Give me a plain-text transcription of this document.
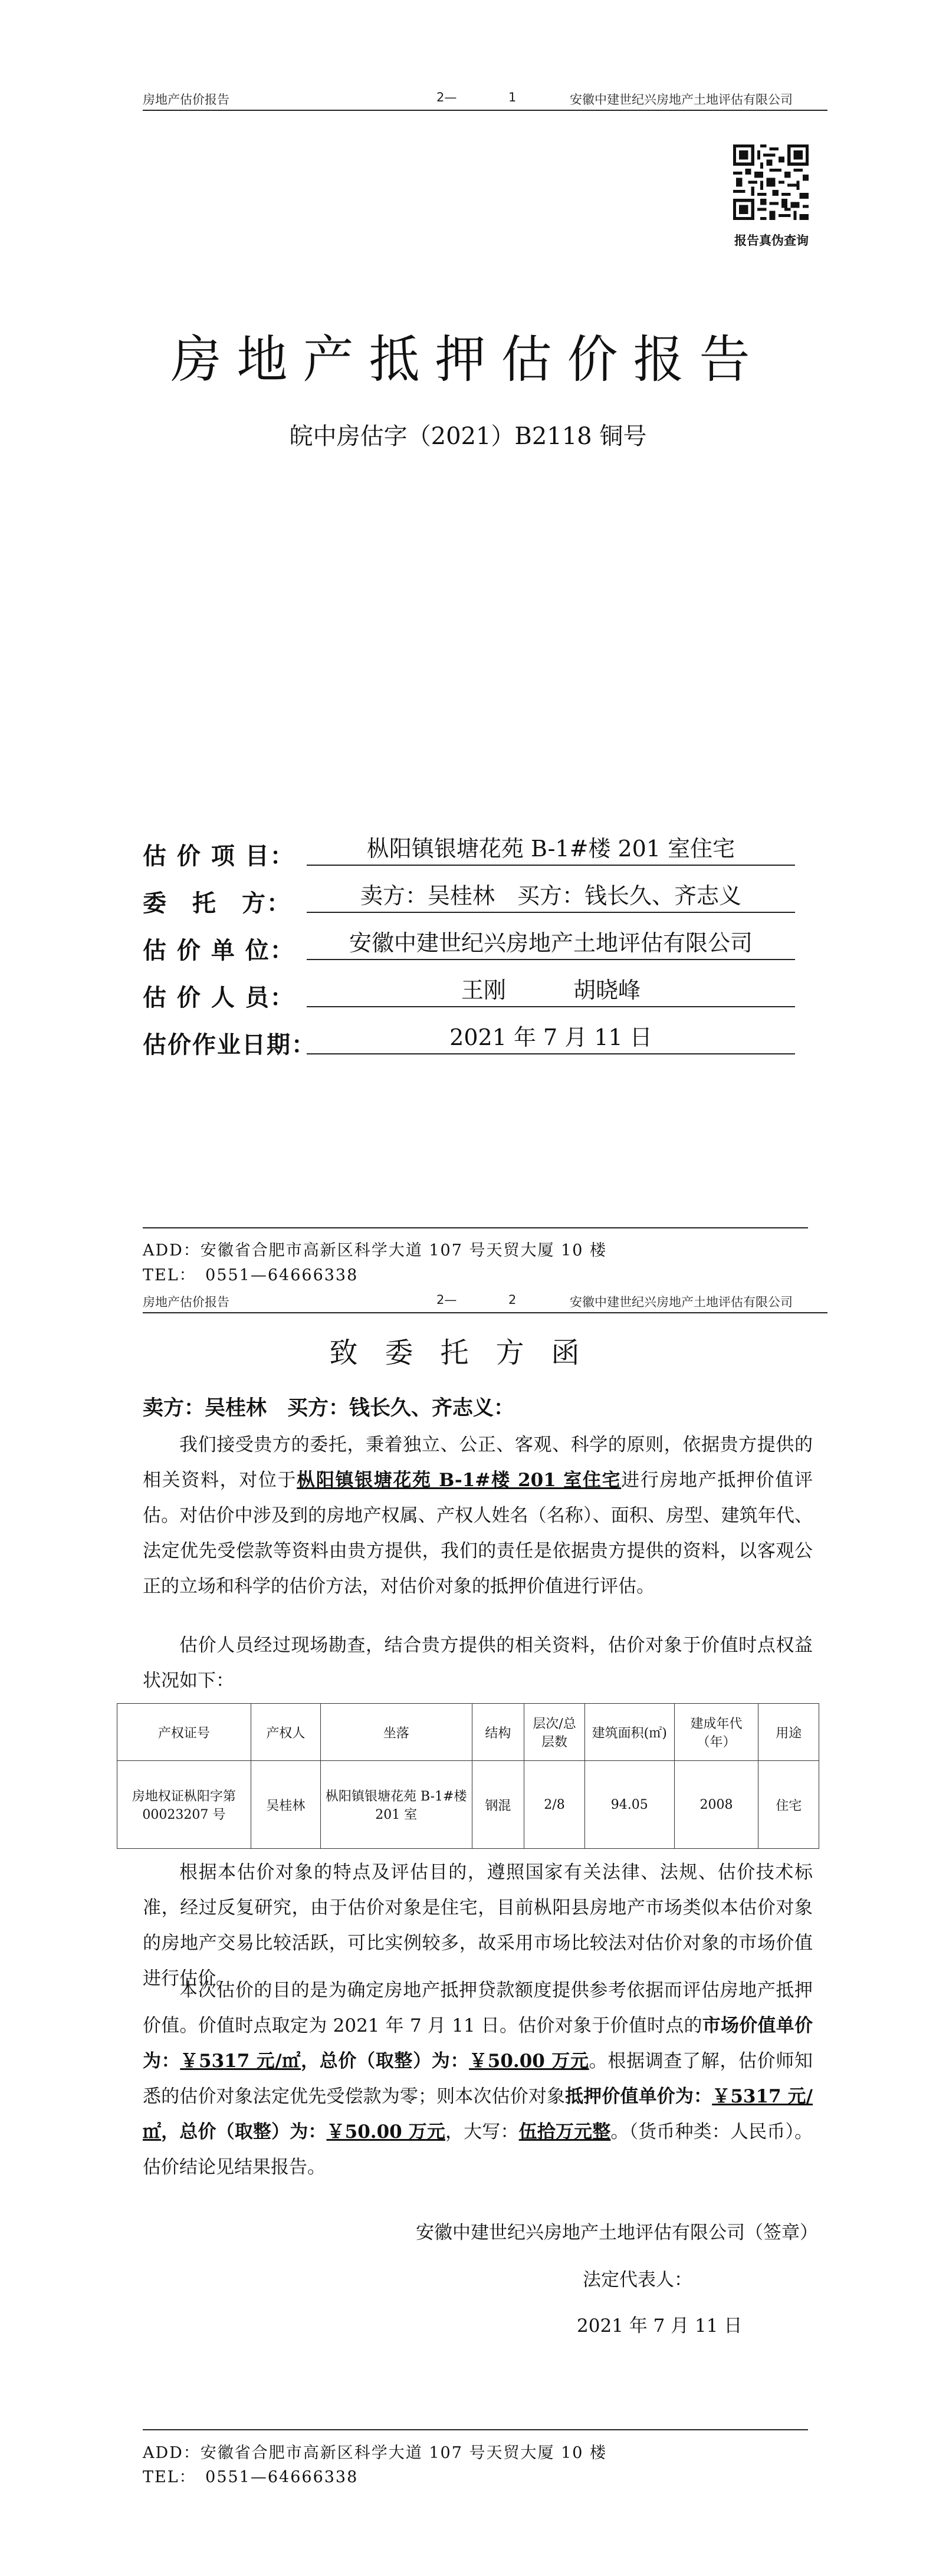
房地产估价报告	2—	1	安徽中建世纪兴房地产土地评估有限公司
报告真伪查询
房地产抵押估价报告
皖中房估字（2021）B2118 铜号
估 价 项 目：	枞阳镇银塘花苑 B-1#楼 201 室住宅
委　托　方：	卖方：吴桂林　买方：钱长久、齐志义
估 价 单 位：	安徽中建世纪兴房地产土地评估有限公司
估 价 人 员：	王刚　　　胡晓峰
估价作业日期：	2021 年 7 月 11 日
ADD：安徽省合肥市高新区科学大道 107 号天贸大厦 10 楼
TEL：　0551—64666338
房地产估价报告	2—	2	安徽中建世纪兴房地产土地评估有限公司
致委托方函
卖方：吴桂林　买方：钱长久、齐志义：
我们接受贵方的委托，秉着独立、公正、客观、科学的原则，依据贵方提供的相关资料，对位于枞阳镇银塘花苑 B-1#楼 201 室住宅进行房地产抵押价值评估。对估价中涉及到的房地产权属、产权人姓名（名称）、面积、房型、建筑年代、法定优先受偿款等资料由贵方提供，我们的责任是依据贵方提供的资料，以客观公正的立场和科学的估价方法，对估价对象的抵押价值进行评估。
估价人员经过现场勘查，结合贵方提供的相关资料，估价对象于价值时点权益状况如下：
产权证号	产权人	坐落	结构	层次/总层数	建筑面积(㎡)	建成年代（年）	用途
房地权证枞阳字第00023207 号	吴桂林	枞阳镇银塘花苑 B-1#楼 201 室	钢混	2/8	94.05	2008	住宅
根据本估价对象的特点及评估目的，遵照国家有关法律、法规、估价技术标准，经过反复研究，由于估价对象是住宅，目前枞阳县房地产市场类似本估价对象的房地产交易比较活跃，可比实例较多，故采用市场比较法对估价对象的市场价值进行估价。
本次估价的目的是为确定房地产抵押贷款额度提供参考依据而评估房地产抵押价值。价值时点取定为 2021 年 7 月 11 日。估价对象于价值时点的市场价值单价为：￥5317 元/㎡，总价（取整）为：￥50.00 万元。根据调查了解，估价师知悉的估价对象法定优先受偿款为零；则本次估价对象抵押价值单价为：￥5317 元/㎡，总价（取整）为：￥50.00 万元，大写：伍拾万元整。（货币种类：人民币）。估价结论见结果报告。
安徽中建世纪兴房地产土地评估有限公司（签章）
法定代表人：
2021 年 7 月 11 日
ADD：安徽省合肥市高新区科学大道 107 号天贸大厦 10 楼
TEL：　0551—64666338
